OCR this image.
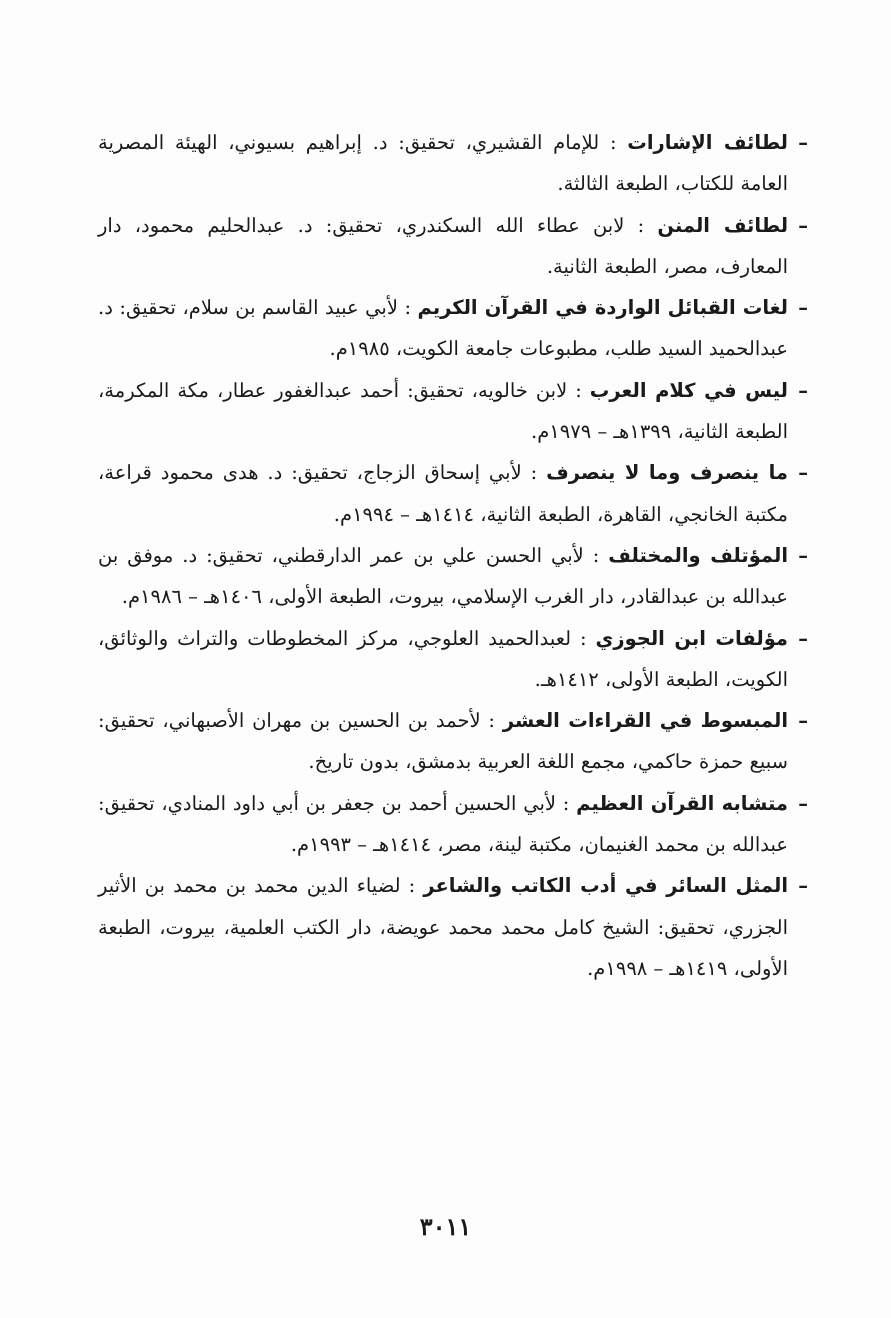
–
لطائف الإشارات : للإمام القشيري، تحقيق: د. إبراهيم بسيوني، الهيئة المصرية العامة للكتاب، الطبعة الثالثة.
–
لطائف المنن : لابن عطاء الله السكندري، تحقيق: د. عبدالحليم محمود، دار المعارف، مصر، الطبعة الثانية.
–
لغات القبائل الواردة في القرآن الكريم : لأبي عبيد القاسم بن سلام، تحقيق: د. عبدالحميد السيد طلب، مطبوعات جامعة الكويت، ١٩٨٥م.
–
ليس في كلام العرب : لابن خالويه، تحقيق: أحمد عبدالغفور عطار، مكة المكرمة، الطبعة الثانية، ١٣٩٩هـ – ١٩٧٩م.
–
ما ينصرف وما لا ينصرف : لأبي إسحاق الزجاج، تحقيق: د. هدى محمود قراعة، مكتبة الخانجي، القاهرة، الطبعة الثانية، ١٤١٤هـ – ١٩٩٤م.
–
المؤتلف والمختلف : لأبي الحسن علي بن عمر الدارقطني، تحقيق: د. موفق بن عبدالله بن عبدالقادر، دار الغرب الإسلامي، بيروت، الطبعة الأولى، ١٤٠٦هـ – ١٩٨٦م.
–
مؤلفات ابن الجوزي : لعبدالحميد العلوجي، مركز المخطوطات والتراث والوثائق، الكويت، الطبعة الأولى، ١٤١٢هـ.
–
المبسوط في القراءات العشر : لأحمد بن الحسين بن مهران الأصبهاني، تحقيق: سبيع حمزة حاكمي، مجمع اللغة العربية بدمشق، بدون تاريخ.
–
متشابه القرآن العظيم : لأبي الحسين أحمد بن جعفر بن أبي داود المنادي، تحقيق: عبدالله بن محمد الغنيمان، مكتبة لينة، مصر، ١٤١٤هـ – ١٩٩٣م.
–
المثل السائر في أدب الكاتب والشاعر : لضياء الدين محمد بن محمد بن الأثير الجزري، تحقيق: الشيخ كامل محمد محمد عويضة، دار الكتب العلمية، بيروت، الطبعة الأولى، ١٤١٩هـ – ١٩٩٨م.
٣٠١١
